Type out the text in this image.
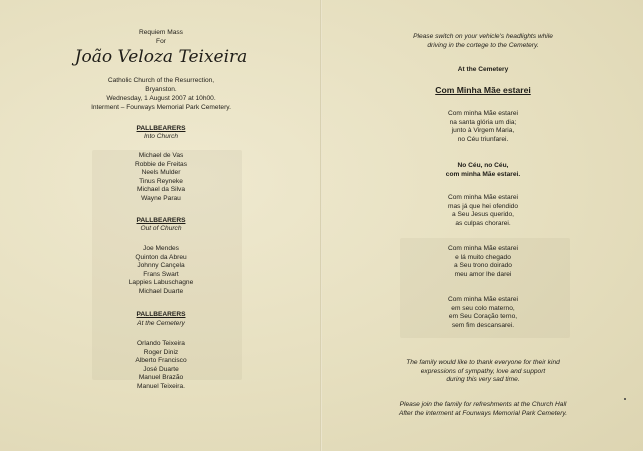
Requiem Mass
For
João Veloza Teixeira
Catholic Church of the Resurrection,
Bryanston.
Wednesday, 1 August 2007 at 10h00.
Interment – Fourways Memorial Park Cemetery.
PALLBEARERS
Into Church
Michael de Vas
Robbie de Freitas
Neels Mulder
Tinus Reyneke
Michael da Silva
Wayne Parau
PALLBEARERS
Out of Church
Joe Mendes
Quinton da Abreu
Johnny Cançela
Frans Swart
Lappies Labuschagne
Michael Duarte
PALLBEARERS
At the Cemetery
Orlando Teixeira
Roger Diniz
Alberto Francisco
José Duarte
Manuel Brazão
Manuel Teixeira.
Please switch on your vehicle's headlights while
driving in the cortege to the Cemetery.
At the Cemetery
Com Minha Mãe estarei
Com minha Mãe estarei
na santa glória um dia;
junto à Virgem Maria,
no Céu triunfarei.
No Céu, no Céu,
com minha Mãe estarei.
Com minha Mãe estarei
mas já que hei ofendido
a Seu Jesus querido,
as culpas chorarei.
Com minha Mãe estarei
e lá muito chegado
a Seu trono doirado
meu amor lhe darei
Com minha Mãe estarei
em seu colo materno,
em Seu Coração terno,
sem fim descansarei.
The family would like to thank everyone for their kind
expressions of sympathy, love and support
during this very sad time.
Please join the family for refreshments at the Church Hall
After the interment at Fourways Memorial Park Cemetery.
